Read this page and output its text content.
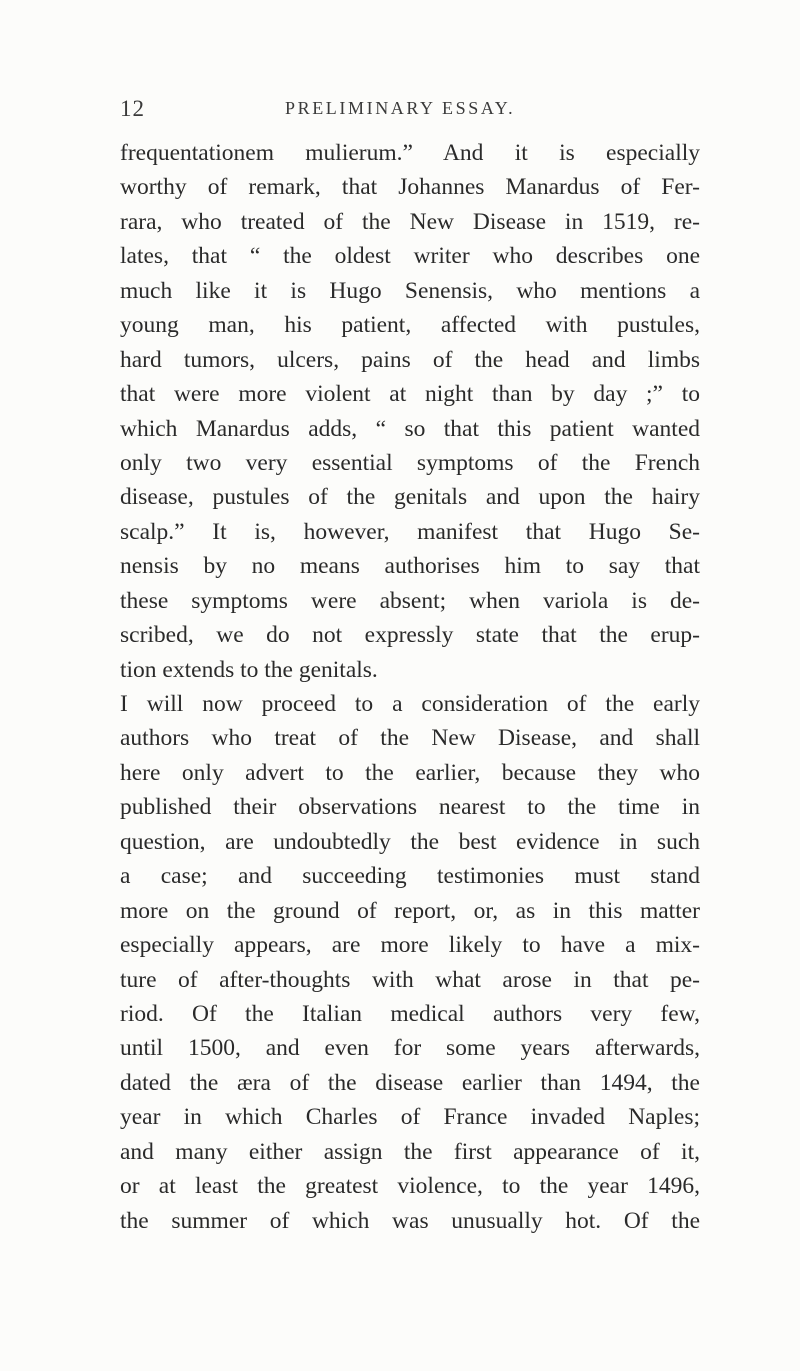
12	PRELIMINARY ESSAY.
frequentationem mulierum.” And it is especially
worthy of remark, that Johannes Manardus of Fer-
rara, who treated of the New Disease in 1519, re-
lates, that “ the oldest writer who describes one
much like it is Hugo Senensis, who mentions a
young man, his patient, affected with pustules,
hard tumors, ulcers, pains of the head and limbs
that were more violent at night than by day ;” to
which Manardus adds, “ so that this patient wanted
only two very essential symptoms of the French
disease, pustules of the genitals and upon the hairy
scalp.” It is, however, manifest that Hugo Se-
nensis by no means authorises him to say that
these symptoms were absent; when variola is de-
scribed, we do not expressly state that the erup-
tion extends to the genitals.
I will now proceed to a consideration of the early
authors who treat of the New Disease, and shall
here only advert to the earlier, because they who
published their observations nearest to the time in
question, are undoubtedly the best evidence in such
a case; and succeeding testimonies must stand
more on the ground of report, or, as in this matter
especially appears, are more likely to have a mix-
ture of after-thoughts with what arose in that pe-
riod. Of the Italian medical authors very few,
until 1500, and even for some years afterwards,
dated the æra of the disease earlier than 1494, the
year in which Charles of France invaded Naples;
and many either assign the first appearance of it,
or at least the greatest violence, to the year 1496,
the summer of which was unusually hot. Of the
